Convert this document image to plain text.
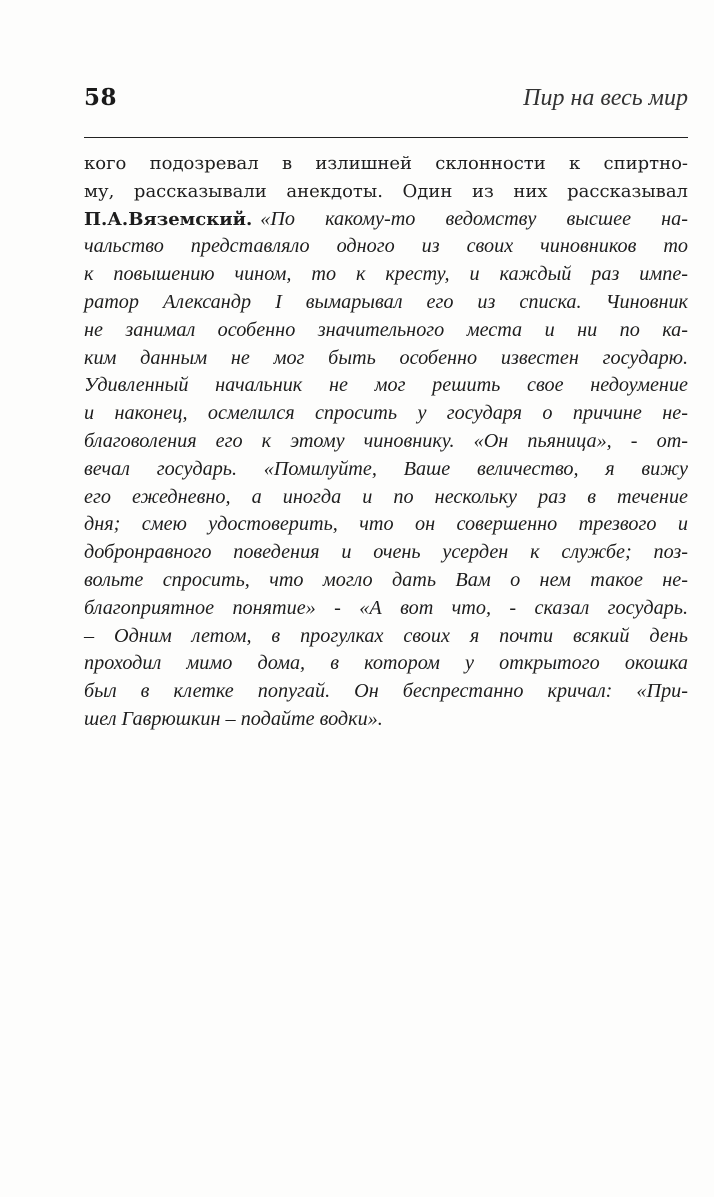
58	Пир на весь мир
кого подозревал в излишней склонности к спиртно-
му, рассказывали анекдоты. Один из них рассказывал
П.А.Вяземский. «По какому-то ведомству высшее на-
чальство представляло одного из своих чиновников то
к повышению чином, то к кресту, и каждый раз импе-
ратор Александр I вымарывал его из списка. Чиновник
не занимал особенно значительного места и ни по ка-
ким данным не мог быть особенно известен государю.
Удивленный начальник не мог решить свое недоумение
и наконец, осмелился спросить у государя о причине не-
благоволения его к этому чиновнику. «Он пьяница», - от-
вечал государь. «Помилуйте, Ваше величество, я вижу
его ежедневно, а иногда и по нескольку раз в течение
дня; смею удостоверить, что он совершенно трезвого и
добронравного поведения и очень усерден к службе; поз-
вольте спросить, что могло дать Вам о нем такое не-
благоприятное понятие» - «А вот что, - сказал государь.
– Одним летом, в прогулках своих я почти всякий день
проходил мимо дома, в котором у открытого окошка
был в клетке попугай. Он беспрестанно кричал: «При-
шел Гаврюшкин – подайте водки».
